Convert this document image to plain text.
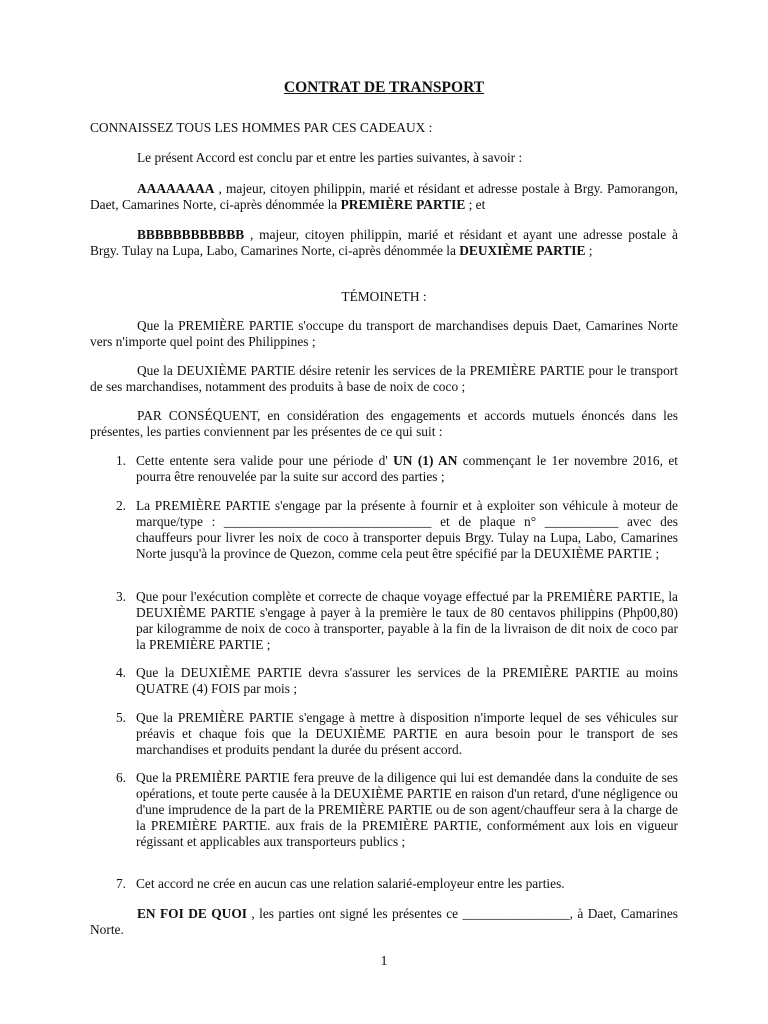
CONTRAT DE TRANSPORT

CONNAISSEZ TOUS LES HOMMES PAR CES CADEAUX :

Le présent Accord est conclu par et entre les parties suivantes, à savoir :

AAAAAAAA , majeur, citoyen philippin, marié et résidant et adresse postale à Brgy. Pamorangon, Daet, Camarines Norte, ci-après dénommée la PREMIÈRE PARTIE ; et

BBBBBBBBBBBB , majeur, citoyen philippin, marié et résidant et ayant une adresse postale à Brgy. Tulay na Lupa, Labo, Camarines Norte, ci-après dénommée la DEUXIÈME PARTIE ;

TÉMOINETH :

Que la PREMIÈRE PARTIE s'occupe du transport de marchandises depuis Daet, Camarines Norte vers n'importe quel point des Philippines ;

Que la DEUXIÈME PARTIE désire retenir les services de la PREMIÈRE PARTIE pour le transport de ses marchandises, notamment des produits à base de noix de coco ;

PAR CONSÉQUENT, en considération des engagements et accords mutuels énoncés dans les présentes, les parties conviennent par les présentes de ce qui suit :

1. Cette entente sera valide pour une période d' UN (1) AN commençant le 1er novembre 2016, et pourra être renouvelée par la suite sur accord des parties ;
2. La PREMIÈRE PARTIE s'engage par la présente à fournir et à exploiter son véhicule à moteur de marque/type : _______________________________ et de plaque n° ___________ avec des chauffeurs pour livrer les noix de coco à transporter depuis Brgy. Tulay na Lupa, Labo, Camarines Norte jusqu'à la province de Quezon, comme cela peut être spécifié par la DEUXIÈME PARTIE ;
3. Que pour l'exécution complète et correcte de chaque voyage effectué par la PREMIÈRE PARTIE, la DEUXIÈME PARTIE s'engage à payer à la première le taux de 80 centavos philippins (Php00,80) par kilogramme de noix de coco à transporter, payable à la fin de la livraison de dit noix de coco par la PREMIÈRE PARTIE ;
4. Que la DEUXIÈME PARTIE devra s'assurer les services de la PREMIÈRE PARTIE au moins QUATRE (4) FOIS par mois ;
5. Que la PREMIÈRE PARTIE s'engage à mettre à disposition n'importe lequel de ses véhicules sur préavis et chaque fois que la DEUXIÈME PARTIE en aura besoin pour le transport de ses marchandises et produits pendant la durée du présent accord.
6. Que la PREMIÈRE PARTIE fera preuve de la diligence qui lui est demandée dans la conduite de ses opérations, et toute perte causée à la DEUXIÈME PARTIE en raison d'un retard, d'une négligence ou d'une imprudence de la part de la PREMIÈRE PARTIE ou de son agent/chauffeur sera à la charge de la PREMIÈRE PARTIE. aux frais de la PREMIÈRE PARTIE, conformément aux lois en vigueur régissant et applicables aux transporteurs publics ;
7. Cet accord ne crée en aucun cas une relation salarié-employeur entre les parties.

EN FOI DE QUOI , les parties ont signé les présentes ce ________________, à Daet, Camarines Norte.

1
